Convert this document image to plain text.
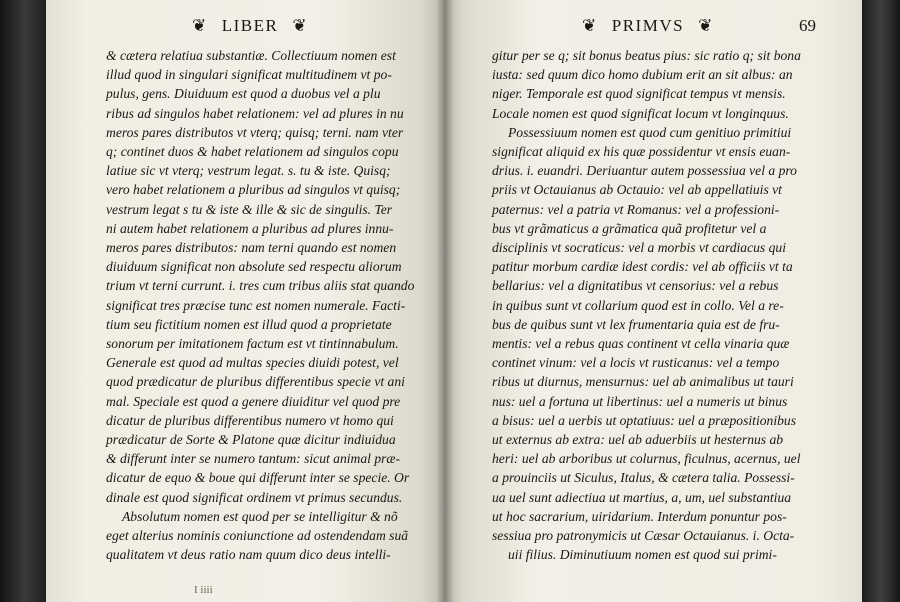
❦ LIBER ❦
& cætera relatiua substantiæ. Collectiuum nomen est
illud quod in singulari significat multitudinem vt po-
pulus, gens. Diuiduum est quod a duobus vel a plu
ribus ad singulos habet relationem: vel ad plures in nu
meros pares distributos vt vterq; quisq; terni. nam vter
q; continet duos & habet relationem ad singulos copu
latiue sic vt vterq; vestrum legat. s. tu & iste. Quisq;
vero habet relationem a pluribus ad singulos vt quisq;
vestrum legat s tu & iste & ille & sic de singulis. Ter
ni autem habet relationem a pluribus ad plures innu-
meros pares distributos: nam terni quando est nomen
diuiduum significat non absolute sed respectu aliorum
trium vt terni currunt. i. tres cum tribus aliis stat quando
significat tres præcise tunc est nomen numerale. Facti-
tium seu fictitium nomen est illud quod a proprietate
sonorum per imitationem factum est vt tintinnabulum.
Generale est quod ad multas species diuidi potest, vel
quod prædicatur de pluribus differentibus specie vt ani
mal. Speciale est quod a genere diuiditur vel quod pre
dicatur de pluribus differentibus numero vt homo qui
prædicatur de Sorte & Platone quæ dicitur indiuidua
& differunt inter se numero tantum: sicut animal præ-
dicatur de equo & boue qui differunt inter se specie. Or
dinale est quod significat ordinem vt primus secundus.
Absolutum nomen est quod per se intelligitur & nõ
eget alterius nominis coniunctione ad ostendendam suã
qualitatem vt deus ratio nam quum dico deus intelli-
I iiii
❦ PRIMVS ❦	69
gitur per se q; sit bonus beatus pius: sic ratio q; sit bona
iusta: sed quum dico homo dubium erit an sit albus: an
niger. Temporale est quod significat tempus vt mensis.
Locale nomen est quod significat locum vt longinquus.
Possessiuum nomen est quod cum genitiuo primitiui
significat aliquid ex his quæ possidentur vt ensis euan-
drius. i. euandri. Deriuantur autem possessiua vel a pro
priis vt Octauianus ab Octauio: vel ab appellatiuis vt
paternus: vel a patria vt Romanus: vel a professioni-
bus vt grãmaticus a grãmatica quã profitetur vel a
disciplinis vt socraticus: vel a morbis vt cardiacus qui
patitur morbum cardiæ idest cordis: vel ab officiis vt ta
bellarius: vel a dignitatibus vt censorius: vel a rebus
in quibus sunt vt collarium quod est in collo. Vel a re-
bus de quibus sunt vt lex frumentaria quia est de fru-
mentis: vel a rebus quas continent vt cella vinaria quæ
continet vinum: vel a locis vt rusticanus: vel a tempo
ribus ut diurnus, mensurnus: uel ab animalibus ut tauri
nus: uel a fortuna ut libertinus: uel a numeris ut binus
a bisus: uel a uerbis ut optatiuus: uel a præpositionibus
ut externus ab extra: uel ab aduerbiis ut hesternus ab
heri: uel ab arboribus ut colurnus, ficulnus, acernus, uel
a prouinciis ut Siculus, Italus, & cætera talia. Possessi-
ua uel sunt adiectiua ut martius, a, um, uel substantiua
ut hoc sacrarium, uiridarium. Interdum ponuntur pos-
sessiua pro patronymicis ut Cæsar Octauianus. i. Octa-
uii filius. Diminutiuum nomen est quod sui primi-
